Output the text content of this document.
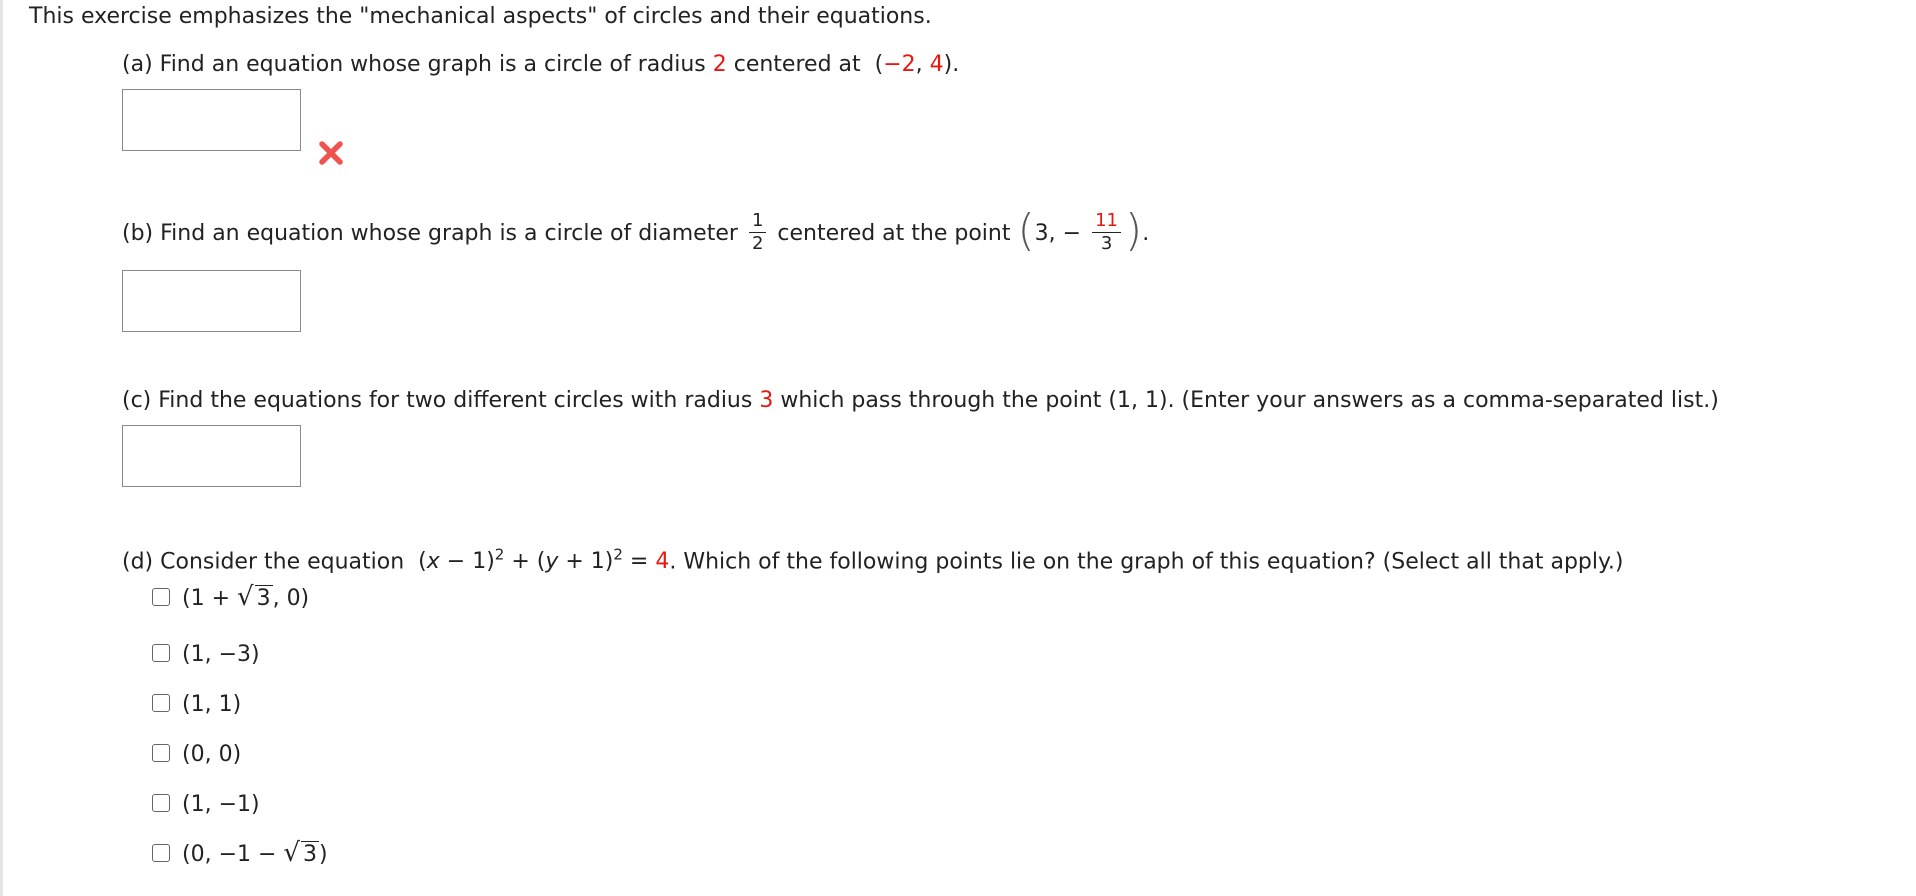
This exercise emphasizes the "mechanical aspects" of circles and their equations.
(a) Find an equation whose graph is a circle of radius 2 centered at (−2, 4).
(b) Find an equation whose graph is a circle of diameter $\frac{1}{2}$ centered at the point (3, − $\frac{11}{3}$ ).
(c) Find the equations for two different circles with radius 3 which pass through the point (1, 1). (Enter your answers as a comma-separated list.)
(d) Consider the equation $(x - 1)^2 + (y + 1)^2 = 4$. Which of the following points lie on the graph of this equation? (Select all that apply.)
(1 + √ 3, 0)
(1, −3)
(1, 1)
(0, 0)
(1, −1)
(0, −1 − √ 3)
